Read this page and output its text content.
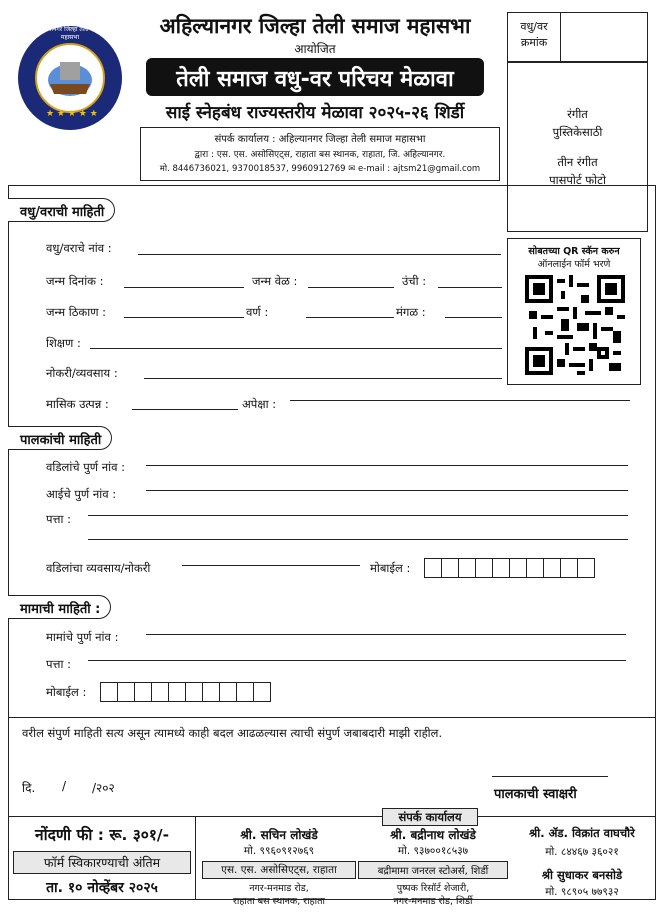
★ ★ ★ ★ ★
अहिल्यानगर जिल्हा तेली समाज महासभा	अहिल्यानगर जिल्हा तेली समाज महासभा
आयोजित
तेली समाज वधु-वर परिचय मेळावा
साई स्नेहबंध राज्यस्तरीय मेळावा २०२५-२६ शिर्डी
संपर्क कार्यालय : अहिल्यानगर जिल्हा तेली समाज महासभा
द्वारा : एस. एस. असोसिएट्स, राहाता बस स्थानक, राहाता, जि. अहिल्यानगर.
मो. 8446736021, 9370018537, 9960912769 ✉ e-mail : ajtsm21@gmail.com
वधु/वर
क्रमांक
रंगीत
पुस्तिकेसाठी
तीन रंगीत
पासपोर्ट फोटो
सोबतच्या QR स्कॅन करुन
ऑनलाईन फॉर्म भरणे
वधु/वराची माहिती
वधु/वराचे नांव :
जन्म दिनांक :	जन्म वेळ :	उंची :
जन्म ठिकाण :	वर्ण :	मंगळ :
शिक्षण :
नोकरी/व्यवसाय :
मासिक उत्पन्न :	अपेक्षा :
पालकांची माहिती
वडिलांचे पुर्ण नांव :
आईचे पुर्ण नांव :
पत्ता :
वडिलांचा व्यवसाय/नोकरी	मोबाईल :
मामाची माहिती :
मामांचे पुर्ण नांव :
पत्ता :
मोबाईल :
वरील संपुर्ण माहिती सत्य असून त्यामध्ये काही बदल आढळल्यास त्याची संपुर्ण जबाबदारी माझी राहील.
दि. / /२०२	पालकाची स्वाक्षरी
नोंदणी फी : रू. ३०१/-
फॉर्म स्विकारण्याची अंतिम
ता. १० नोव्हेंबर २०२५
संपर्क कार्यालय
श्री. सचिन लोखंडे
मो. ९९६०९१२७६९
एस. एस. असोसिएट्स, राहाता
नगर-मनमाड रोड,
राहाता बस स्थानक, राहाता
श्री. बद्रीनाथ लोखंडे
मो. ९३७००१८५३७
बद्रीमामा जनरल स्टोअर्स, शिर्डी
पुष्पक रिसॉर्ट शेजारी,
नगर-मनमाड रोड, शिर्डी
श्री. ॲड. विक्रांत वाघचौरे
मो. ८४४६७ ३६०२१
श्री सुधाकर बनसोडे
मो. ९८९०५ ७७९३२
